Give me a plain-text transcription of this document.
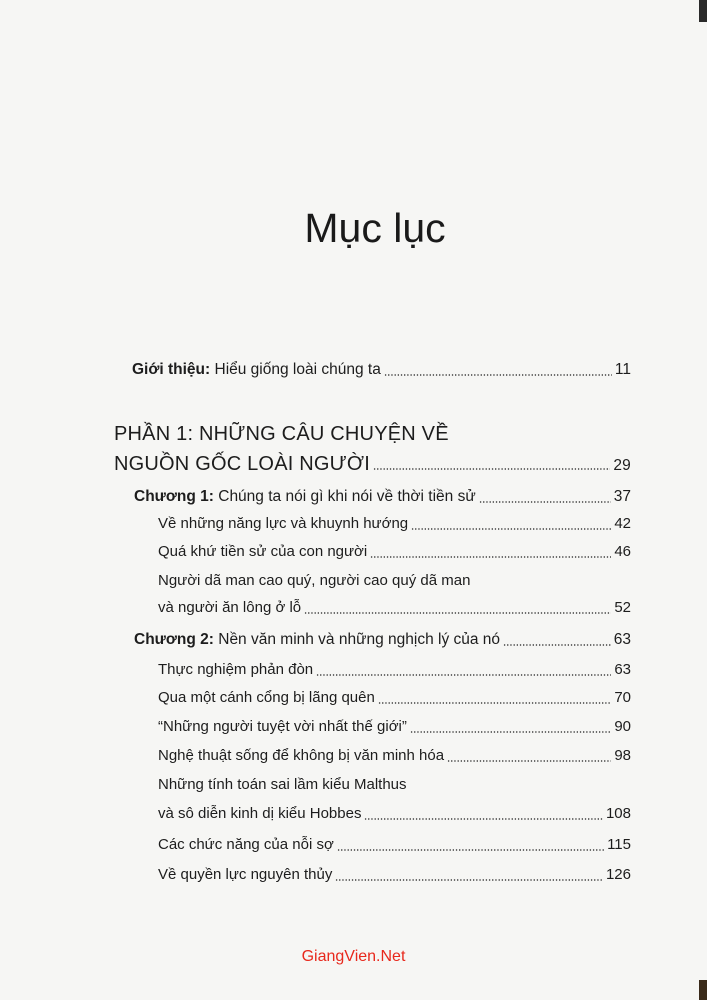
Mục lục
Giới thiệu: Hiểu giống loài chúng ta	11
PHẦN 1: NHỮNG CÂU CHUYỆN VỀ
NGUỒN GỐC LOÀI NGƯỜI	29
Chương 1: Chúng ta nói gì khi nói về thời tiền sử	37
Về những năng lực và khuynh hướng	42
Quá khứ tiền sử của con người	46
Người dã man cao quý, người cao quý dã man
và người ăn lông ở lỗ	52
Chương 2: Nền văn minh và những nghịch lý của nó	63
Thực nghiệm phản đòn	63
Qua một cánh cổng bị lãng quên	70
“Những người tuyệt vời nhất thế giới”	90
Nghệ thuật sống để không bị văn minh hóa	98
Những tính toán sai lầm kiểu Malthus
và sô diễn kinh dị kiểu Hobbes	108
Các chức năng của nỗi sợ	115
Về quyền lực nguyên thủy	126
GiangVien.Net
